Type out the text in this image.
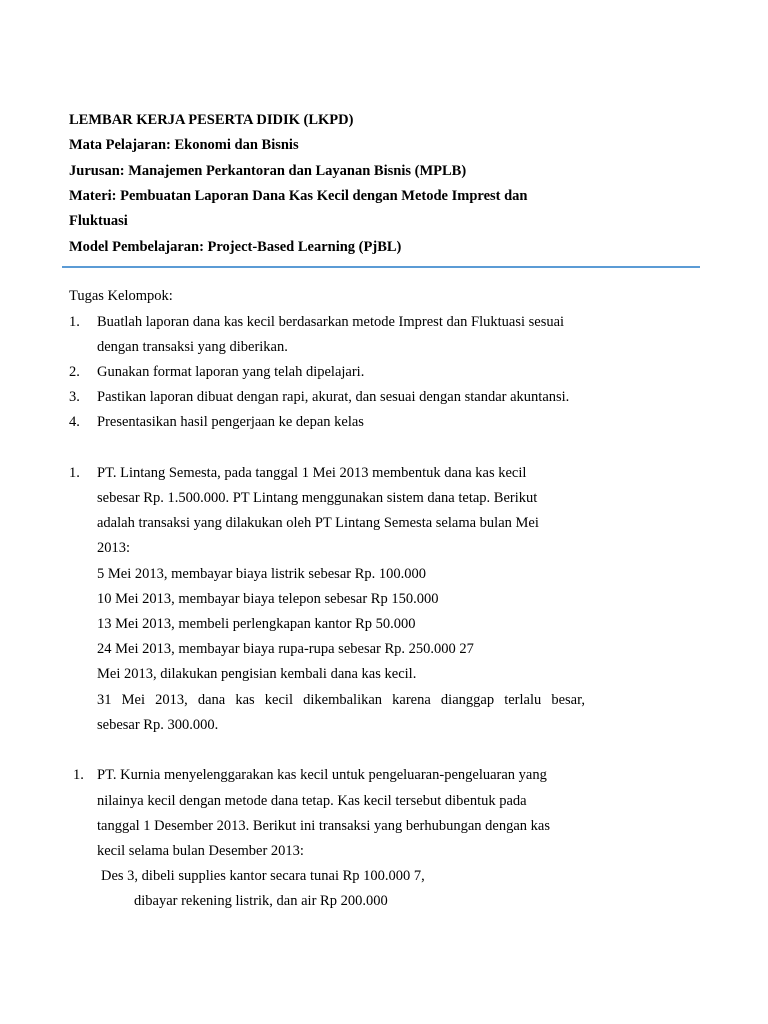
LEMBAR KERJA PESERTA DIDIK (LKPD)
Mata Pelajaran: Ekonomi dan Bisnis
Jurusan: Manajemen Perkantoran dan Layanan Bisnis (MPLB)
Materi: Pembuatan Laporan Dana Kas Kecil dengan Metode Imprest dan
Fluktuasi
Model Pembelajaran: Project-Based Learning (PjBL)
Tugas Kelompok:
1. Buatlah laporan dana kas kecil berdasarkan metode Imprest dan Fluktuasi sesuai
dengan transaksi yang diberikan.
2. Gunakan format laporan yang telah dipelajari.
3. Pastikan laporan dibuat dengan rapi, akurat, dan sesuai dengan standar akuntansi.
4. Presentasikan hasil pengerjaan ke depan kelas
1. PT. Lintang Semesta, pada tanggal 1 Mei 2013 membentuk dana kas kecil
sebesar Rp. 1.500.000. PT Lintang menggunakan sistem dana tetap. Berikut
adalah transaksi yang dilakukan oleh PT Lintang Semesta selama bulan Mei
2013:
5 Mei 2013, membayar biaya listrik sebesar Rp. 100.000
10 Mei 2013, membayar biaya telepon sebesar Rp 150.000
13 Mei 2013, membeli perlengkapan kantor Rp 50.000
24 Mei 2013, membayar biaya rupa-rupa sebesar Rp. 250.000 27
Mei 2013, dilakukan pengisian kembali dana kas kecil.
31 Mei 2013, dana kas kecil dikembalikan karena dianggap terlalu besar,
sebesar Rp. 300.000.
1. PT. Kurnia menyelenggarakan kas kecil untuk pengeluaran-pengeluaran yang
nilainya kecil dengan metode dana tetap. Kas kecil tersebut dibentuk pada
tanggal 1 Desember 2013. Berikut ini transaksi yang berhubungan dengan kas
kecil selama bulan Desember 2013:
Des 3, dibeli supplies kantor secara tunai Rp 100.000 7,
dibayar rekening listrik, dan air Rp 200.000
